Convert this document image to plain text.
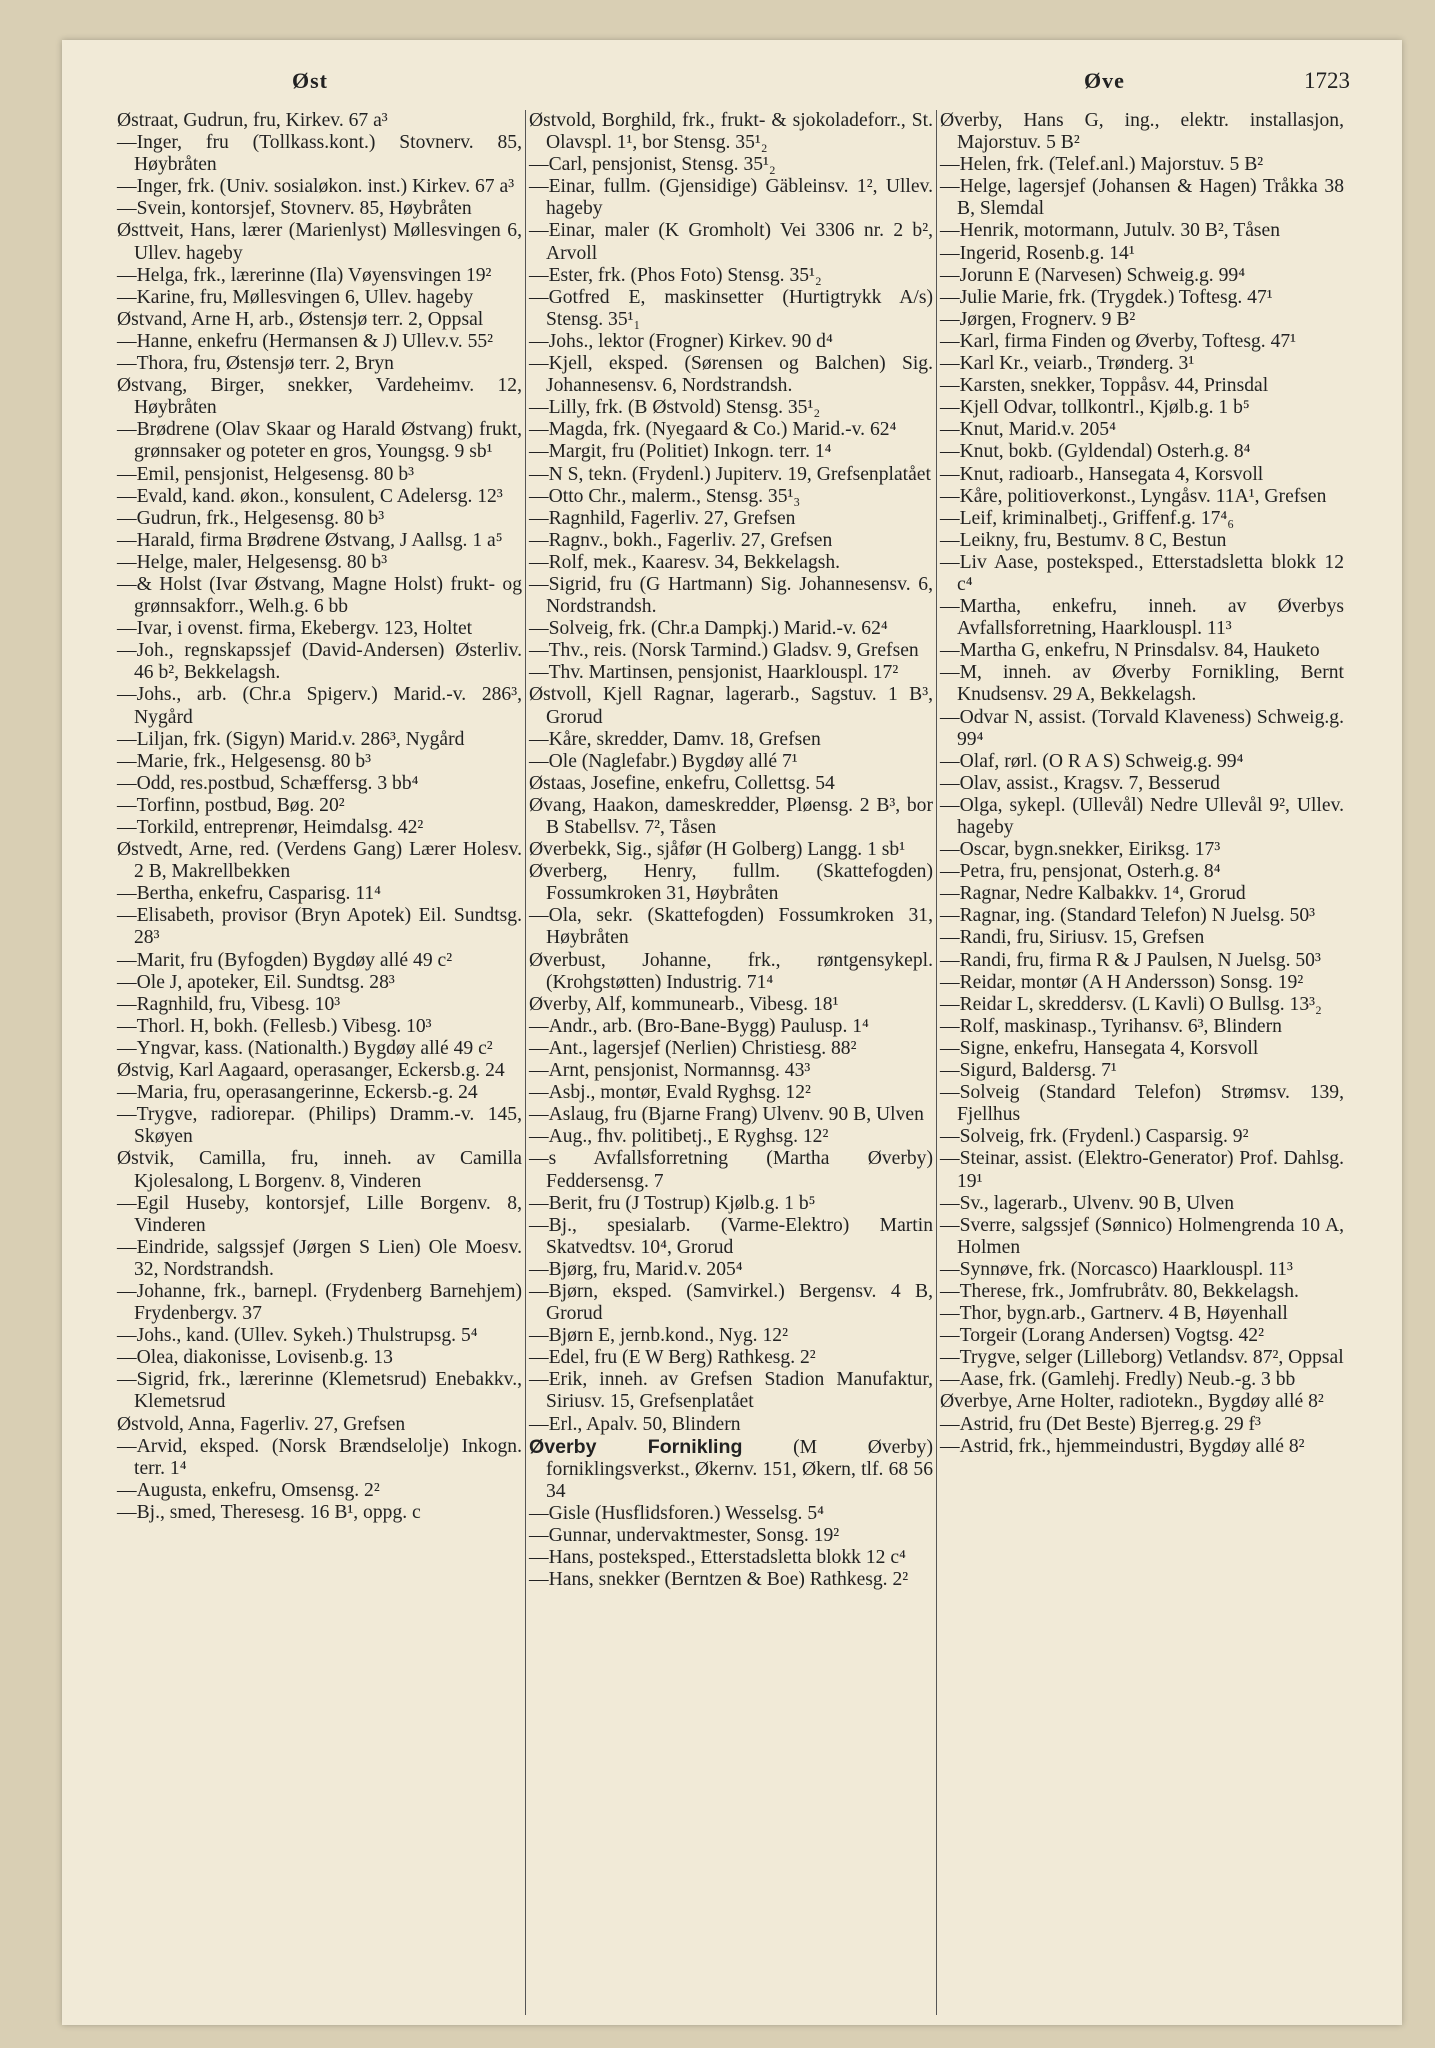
Øst	Øve	1723
Østraat, Gudrun, fru, Kirkev. 67 a³
—Inger, fru (Tollkass.kont.) Stovnerv. 85, Høybråten
—Inger, frk. (Univ. sosialøkon. inst.) Kirkev. 67 a³
—Svein, kontorsjef, Stovnerv. 85, Høybråten
Østtveit, Hans, lærer (Marienlyst) Møllesvingen 6, Ullev. hageby
—Helga, frk., lærerinne (Ila) Vøyensvingen 19²
—Karine, fru, Møllesvingen 6, Ullev. hageby
Østvand, Arne H, arb., Østensjø terr. 2, Oppsal
—Hanne, enkefru (Hermansen & J) Ullev.v. 55²
—Thora, fru, Østensjø terr. 2, Bryn
Østvang, Birger, snekker, Vardeheimv. 12, Høybråten
—Brødrene (Olav Skaar og Harald Østvang) frukt, grønnsaker og poteter en gros, Youngsg. 9 sb¹
—Emil, pensjonist, Helgesensg. 80 b³
—Evald, kand. økon., konsulent, C Adelersg. 12³
—Gudrun, frk., Helgesensg. 80 b³
—Harald, firma Brødrene Østvang, J Aallsg. 1 a⁵
—Helge, maler, Helgesensg. 80 b³
—& Holst (Ivar Østvang, Magne Holst) frukt- og grønnsakforr., Welh.g. 6 bb
—Ivar, i ovenst. firma, Ekebergv. 123, Holtet
—Joh., regnskapssjef (David-Andersen) Østerliv. 46 b², Bekkelagsh.
—Johs., arb. (Chr.a Spigerv.) Marid.-v. 286³, Nygård
—Liljan, frk. (Sigyn) Marid.v. 286³, Nygård
—Marie, frk., Helgesensg. 80 b³
—Odd, res.postbud, Schæffersg. 3 bb⁴
—Torfinn, postbud, Bøg. 20²
—Torkild, entreprenør, Heimdalsg. 42²
Østvedt, Arne, red. (Verdens Gang) Lærer Holesv. 2 B, Makrellbekken
—Bertha, enkefru, Casparisg. 11⁴
—Elisabeth, provisor (Bryn Apotek) Eil. Sundtsg. 28³
—Marit, fru (Byfogden) Bygdøy allé 49 c²
—Ole J, apoteker, Eil. Sundtsg. 28³
—Ragnhild, fru, Vibesg. 10³
—Thorl. H, bokh. (Fellesb.) Vibesg. 10³
—Yngvar, kass. (Nationalth.) Bygdøy allé 49 c²
Østvig, Karl Aagaard, operasanger, Eckersb.g. 24
—Maria, fru, operasangerinne, Eckersb.-g. 24
—Trygve, radiorepar. (Philips) Dramm.-v. 145, Skøyen
Østvik, Camilla, fru, inneh. av Camilla Kjolesalong, L Borgenv. 8, Vinderen
—Egil Huseby, kontorsjef, Lille Borgenv. 8, Vinderen
—Eindride, salgssjef (Jørgen S Lien) Ole Moesv. 32, Nordstrandsh.
—Johanne, frk., barnepl. (Frydenberg Barnehjem) Frydenbergv. 37
—Johs., kand. (Ullev. Sykeh.) Thulstrupsg. 5⁴
—Olea, diakonisse, Lovisenb.g. 13
—Sigrid, frk., lærerinne (Klemetsrud) Enebakkv., Klemetsrud
Østvold, Anna, Fagerliv. 27, Grefsen
—Arvid, eksped. (Norsk Brændselolje) Inkogn. terr. 1⁴
—Augusta, enkefru, Omsensg. 2²
—Bj., smed, Theresesg. 16 B¹, oppg. c
Østvold, Borghild, frk., frukt- & sjokoladeforr., St. Olavspl. 1¹, bor Stensg. 35¹₂
—Carl, pensjonist, Stensg. 35¹₂
—Einar, fullm. (Gjensidige) Gäbleinsv. 1², Ullev. hageby
—Einar, maler (K Gromholt) Vei 3306 nr. 2 b², Arvoll
—Ester, frk. (Phos Foto) Stensg. 35¹₂
—Gotfred E, maskinsetter (Hurtigtrykk A/s) Stensg. 35¹₁
—Johs., lektor (Frogner) Kirkev. 90 d⁴
—Kjell, eksped. (Sørensen og Balchen) Sig. Johannesensv. 6, Nordstrandsh.
—Lilly, frk. (B Østvold) Stensg. 35¹₂
—Magda, frk. (Nyegaard & Co.) Marid.-v. 62⁴
—Margit, fru (Politiet) Inkogn. terr. 1⁴
—N S, tekn. (Frydenl.) Jupiterv. 19, Grefsenplatået
—Otto Chr., malerm., Stensg. 35¹₃
—Ragnhild, Fagerliv. 27, Grefsen
—Ragnv., bokh., Fagerliv. 27, Grefsen
—Rolf, mek., Kaaresv. 34, Bekkelagsh.
—Sigrid, fru (G Hartmann) Sig. Johannesensv. 6, Nordstrandsh.
—Solveig, frk. (Chr.a Dampkj.) Marid.-v. 62⁴
—Thv., reis. (Norsk Tarmind.) Gladsv. 9, Grefsen
—Thv. Martinsen, pensjonist, Haarklouspl. 17²
Østvoll, Kjell Ragnar, lagerarb., Sagstuv. 1 B³, Grorud
—Kåre, skredder, Damv. 18, Grefsen
—Ole (Naglefabr.) Bygdøy allé 7¹
Østaas, Josefine, enkefru, Collettsg. 54
Øvang, Haakon, dameskredder, Pløensg. 2 B³, bor B Stabellsv. 7², Tåsen
Øverbekk, Sig., sjåfør (H Golberg) Langg. 1 sb¹
Øverberg, Henry, fullm. (Skattefogden) Fossumkroken 31, Høybråten
—Ola, sekr. (Skattefogden) Fossumkroken 31, Høybråten
Øverbust, Johanne, frk., røntgensykepl. (Krohgstøtten) Industrig. 71⁴
Øverby, Alf, kommunearb., Vibesg. 18¹
—Andr., arb. (Bro-Bane-Bygg) Paulusp. 1⁴
—Ant., lagersjef (Nerlien) Christiesg. 88²
—Arnt, pensjonist, Normannsg. 43³
—Asbj., montør, Evald Ryghsg. 12²
—Aslaug, fru (Bjarne Frang) Ulvenv. 90 B, Ulven
—Aug., fhv. politibetj., E Ryghsg. 12²
—s Avfallsforretning (Martha Øverby) Feddersensg. 7
—Berit, fru (J Tostrup) Kjølb.g. 1 b⁵
—Bj., spesialarb. (Varme-Elektro) Martin Skatvedtsv. 10⁴, Grorud
—Bjørg, fru, Marid.v. 205⁴
—Bjørn, eksped. (Samvirkel.) Bergensv. 4 B, Grorud
—Bjørn E, jernb.kond., Nyg. 12²
—Edel, fru (E W Berg) Rathkesg. 2²
—Erik, inneh. av Grefsen Stadion Manufaktur, Siriusv. 15, Grefsenplatået
—Erl., Apalv. 50, Blindern
Øverby Fornikling (M Øverby) forniklingsverkst., Økernv. 151, Økern, tlf. 68 56 34
—Gisle (Husflidsforen.) Wesselsg. 5⁴
—Gunnar, undervaktmester, Sonsg. 19²
—Hans, posteksped., Etterstadsletta blokk 12 c⁴
—Hans, snekker (Berntzen & Boe) Rathkesg. 2²
Øverby, Hans G, ing., elektr. installasjon, Majorstuv. 5 B²
—Helen, frk. (Telef.anl.) Majorstuv. 5 B²
—Helge, lagersjef (Johansen & Hagen) Tråkka 38 B, Slemdal
—Henrik, motormann, Jutulv. 30 B², Tåsen
—Ingerid, Rosenb.g. 14¹
—Jorunn E (Narvesen) Schweig.g. 99⁴
—Julie Marie, frk. (Trygdek.) Toftesg. 47¹
—Jørgen, Frognerv. 9 B²
—Karl, firma Finden og Øverby, Toftesg. 47¹
—Karl Kr., veiarb., Trønderg. 3¹
—Karsten, snekker, Toppåsv. 44, Prinsdal
—Kjell Odvar, tollkontrl., Kjølb.g. 1 b⁵
—Knut, Marid.v. 205⁴
—Knut, bokb. (Gyldendal) Osterh.g. 8⁴
—Knut, radioarb., Hansegata 4, Korsvoll
—Kåre, politioverkonst., Lyngåsv. 11A¹, Grefsen
—Leif, kriminalbetj., Griffenf.g. 17⁴₆
—Leikny, fru, Bestumv. 8 C, Bestun
—Liv Aase, posteksped., Etterstadsletta blokk 12 c⁴
—Martha, enkefru, inneh. av Øverbys Avfallsforretning, Haarklouspl. 11³
—Martha G, enkefru, N Prinsdalsv. 84, Hauketo
—M, inneh. av Øverby Fornikling, Bernt Knudsensv. 29 A, Bekkelagsh.
—Odvar N, assist. (Torvald Klaveness) Schweig.g. 99⁴
—Olaf, rørl. (O R A S) Schweig.g. 99⁴
—Olav, assist., Kragsv. 7, Besserud
—Olga, sykepl. (Ullevål) Nedre Ullevål 9², Ullev. hageby
—Oscar, bygn.snekker, Eiriksg. 17³
—Petra, fru, pensjonat, Osterh.g. 8⁴
—Ragnar, Nedre Kalbakkv. 1⁴, Grorud
—Ragnar, ing. (Standard Telefon) N Juelsg. 50³
—Randi, fru, Siriusv. 15, Grefsen
—Randi, fru, firma R & J Paulsen, N Juelsg. 50³
—Reidar, montør (A H Andersson) Sonsg. 19²
—Reidar L, skreddersv. (L Kavli) O Bullsg. 13³₂
—Rolf, maskinasp., Tyrihansv. 6³, Blindern
—Signe, enkefru, Hansegata 4, Korsvoll
—Sigurd, Baldersg. 7¹
—Solveig (Standard Telefon) Strømsv. 139, Fjellhus
—Solveig, frk. (Frydenl.) Casparsig. 9²
—Steinar, assist. (Elektro-Generator) Prof. Dahlsg. 19¹
—Sv., lagerarb., Ulvenv. 90 B, Ulven
—Sverre, salgssjef (Sønnico) Holmengrenda 10 A, Holmen
—Synnøve, frk. (Norcasco) Haarklouspl. 11³
—Therese, frk., Jomfrubråtv. 80, Bekkelagsh.
—Thor, bygn.arb., Gartnerv. 4 B, Høyenhall
—Torgeir (Lorang Andersen) Vogtsg. 42²
—Trygve, selger (Lilleborg) Vetlandsv. 87², Oppsal
—Aase, frk. (Gamlehj. Fredly) Neub.-g. 3 bb
Øverbye, Arne Holter, radiotekn., Bygdøy allé 8²
—Astrid, fru (Det Beste) Bjerreg.g. 29 f³
—Astrid, frk., hjemmeindustri, Bygdøy allé 8²
